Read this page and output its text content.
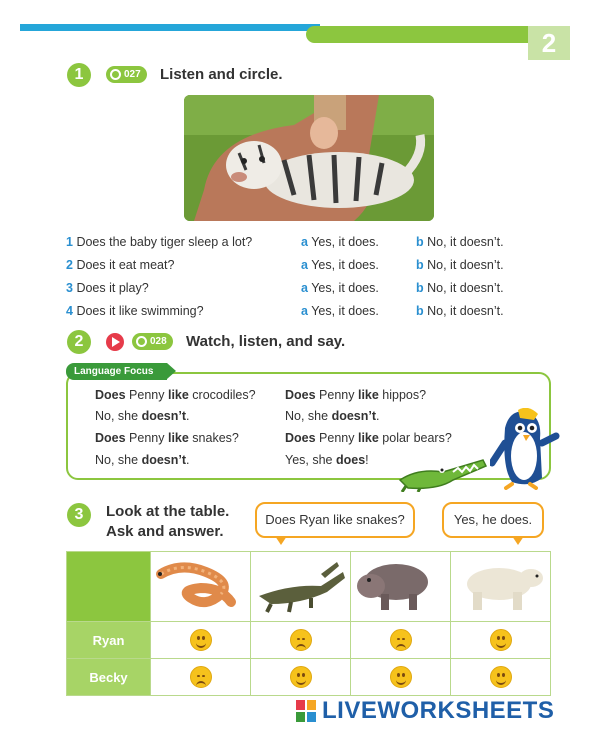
2
1	027 Listen and circle.
1 Does the baby tiger sleep a lot?	a Yes, it does.	b No, it doesn’t.
2 Does it eat meat?	a Yes, it does.	b No, it doesn’t.
3 Does it play?	a Yes, it does.	b No, it doesn’t.
4 Does it like swimming?	a Yes, it does.	b No, it doesn’t.
2	028 Watch, listen, and say.
Language Focus
Does Penny like crocodiles?
No, she doesn’t.
Does Penny like snakes?
No, she doesn’t.
Does Penny like hippos?
No, she doesn’t.
Does Penny like polar bears?
Yes, she does!
3	Look at the table.
Ask and answer.
Does Ryan like snakes?	Yes, he does.

Ryan	

Becky	

LIVEWORKSHEETS
